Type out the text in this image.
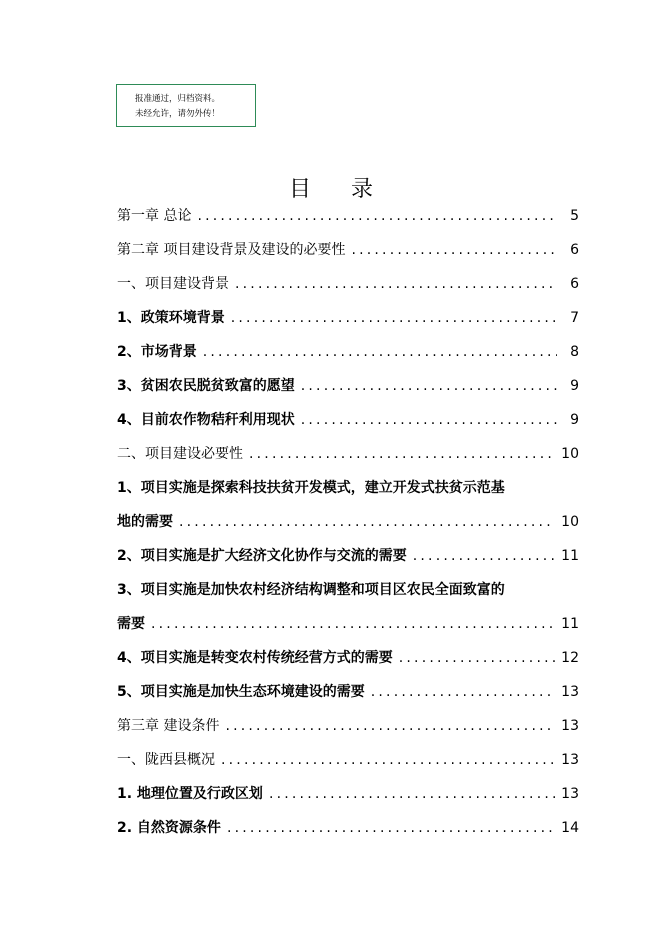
报准通过，归档资料。
未经允许，请勿外传！
目录
第一章 总论 .....	5
第二章 项目建设背景及建设的必要性 .....	6
一、项目建设背景 .....	6
1、政策环境背景 .....	7
2、市场背景 .....	8
3、贫困农民脱贫致富的愿望 .....	9
4、目前农作物秸秆利用现状 .....	9
二、项目建设必要性 .....	10
1、项目实施是探索科技扶贫开发模式，建立开发式扶贫示范基
地的需要 .....	10
2、项目实施是扩大经济文化协作与交流的需要 .....	11
3、项目实施是加快农村经济结构调整和项目区农民全面致富的
需要 .....	11
4、项目实施是转变农村传统经营方式的需要 .....	12
5、项目实施是加快生态环境建设的需要 .....	13
第三章 建设条件 .....	13
一、陇西县概况 .....	13
1. 地理位置及行政区划 .....	13
2. 自然资源条件 .....	14
